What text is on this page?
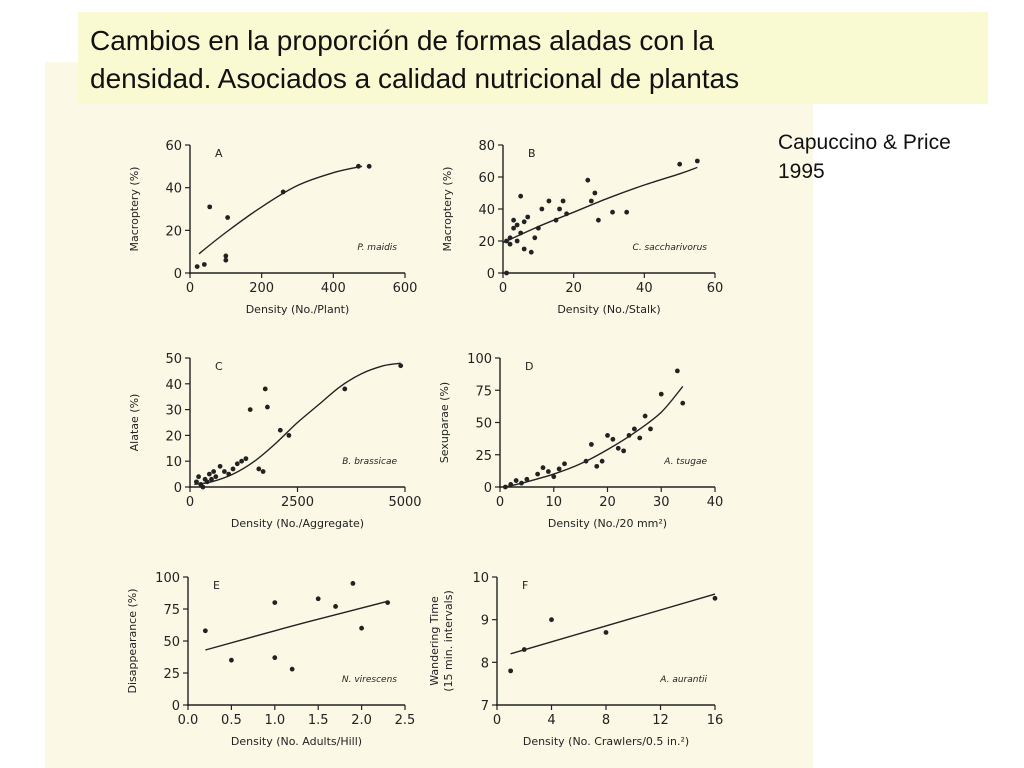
Cambios en la proporción de formas aladas con la
densidad. Asociados a calidad nutricional de plantas
Capuccino & Price
1995
0	200	400	600
0
20
40
60
Density (No./Plant)
Macroptery (%)
A
P. maidis
0	20	40	60
0
20
40
60
80
Density (No./Stalk)
Macroptery (%)
B
C. saccharivorus
0	2500	5000
0
10
20
30
40
50
Density (No./Aggregate)
Alatae (%)
C
B. brassicae
0	10	20	30	40
0
25
50
75
100
Density (No./20 mm²)
Sexuparae (%)
D
A. tsugae
0.0 0.5 1.0 1.5 2.0 2.5
0
25
50
75
100
Density (No. Adults/Hill)
Disappearance (%)
E
N. virescens
0	4	8	12	16
7
8
9
10
Density (No. Crawlers/0.5 in.²)
Wandering Time (15 min. intervals)
F
A. aurantii
